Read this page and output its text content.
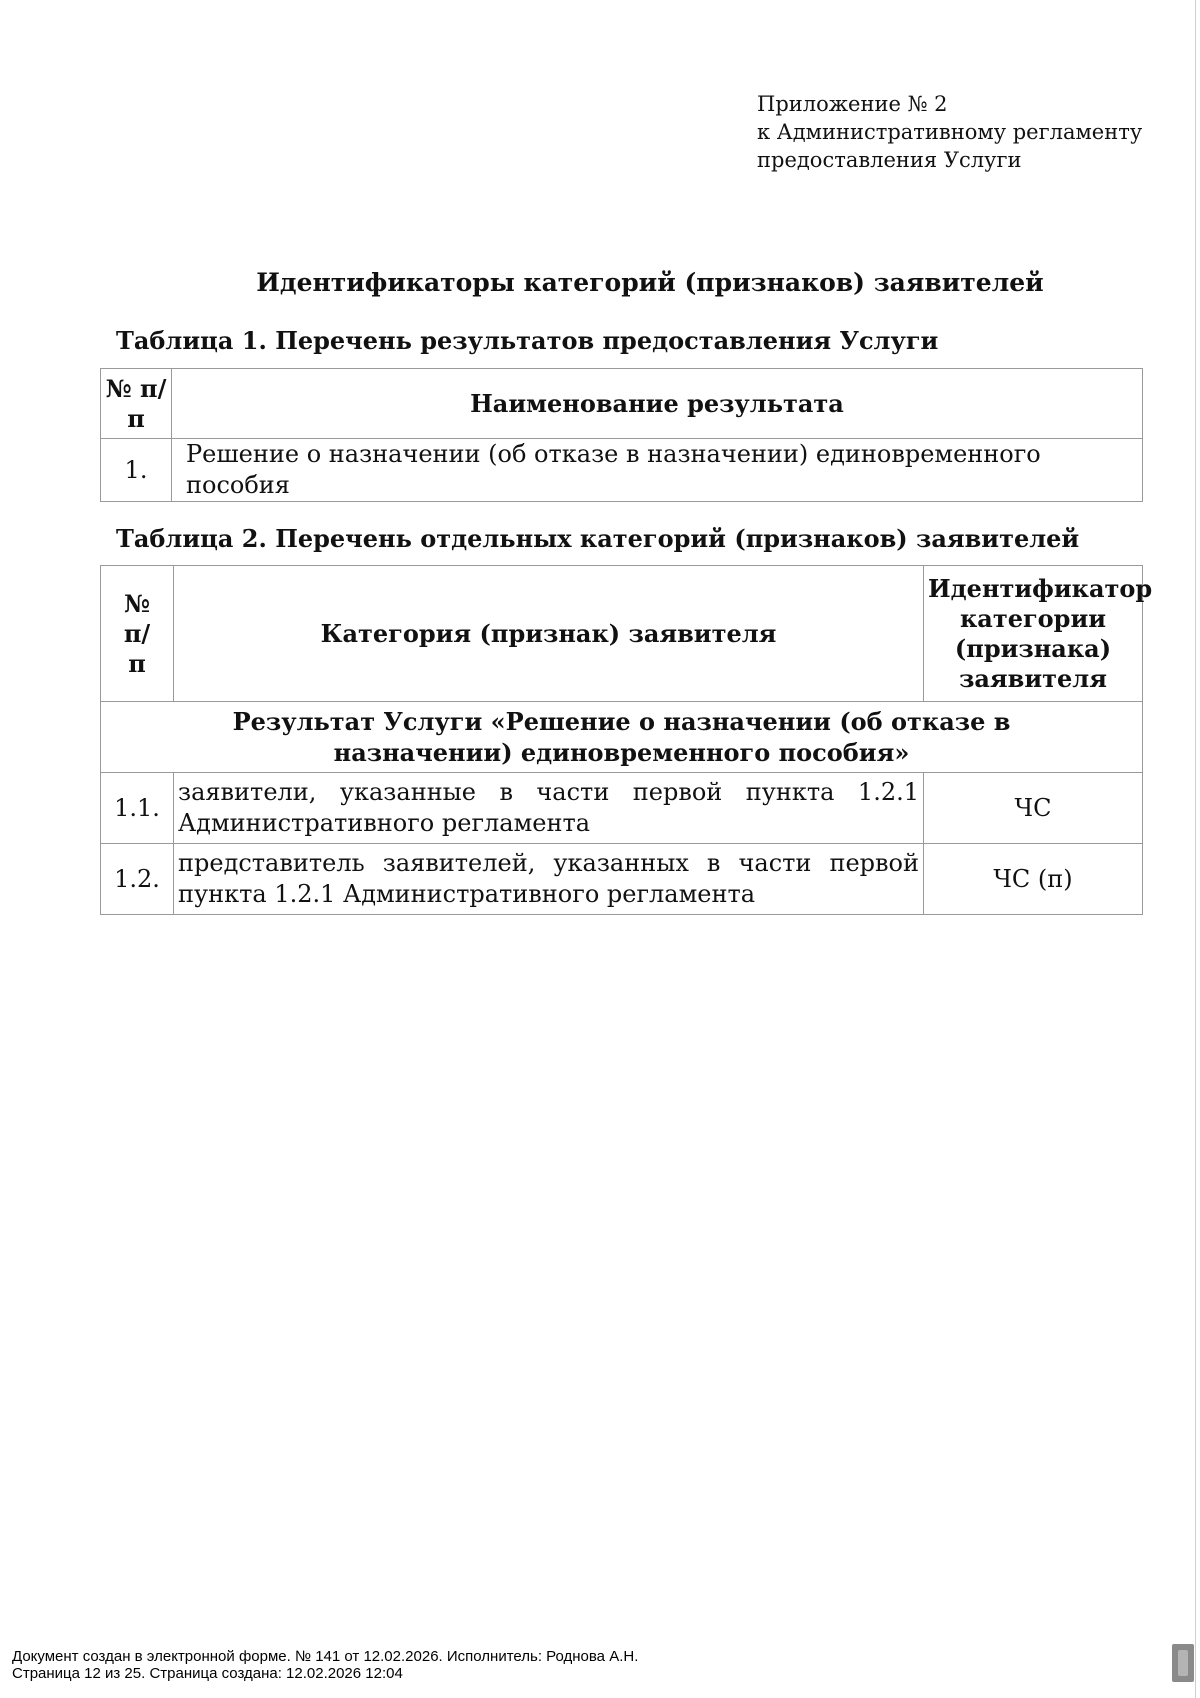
Приложение № 2
к Административному регламенту
предоставления Услуги
Идентификаторы категорий (признаков) заявителей
Таблица 1. Перечень результатов предоставления Услуги
№ п/п	Наименование результата
1.	Решение о назначении (об отказе в назначении) единовременного пособия
Таблица 2. Перечень отдельных категорий (признаков) заявителей
№ п/п	Категория (признак) заявителя	Идентификатор категории (признака) заявителя
Результат Услуги «Решение о назначении (об отказе в назначении) единовременного пособия»		
1.1.	заявители, указанные в части первой пункта 1.2.1 Административного регламента	ЧС
1.2.	представитель заявителей, указанных в части первой пункта 1.2.1 Административного регламента	ЧС (п)
Документ создан в электронной форме. № 141 от 12.02.2026. Исполнитель: Роднова А.Н.
Страница 12 из 25. Страница создана: 12.02.2026 12:04
